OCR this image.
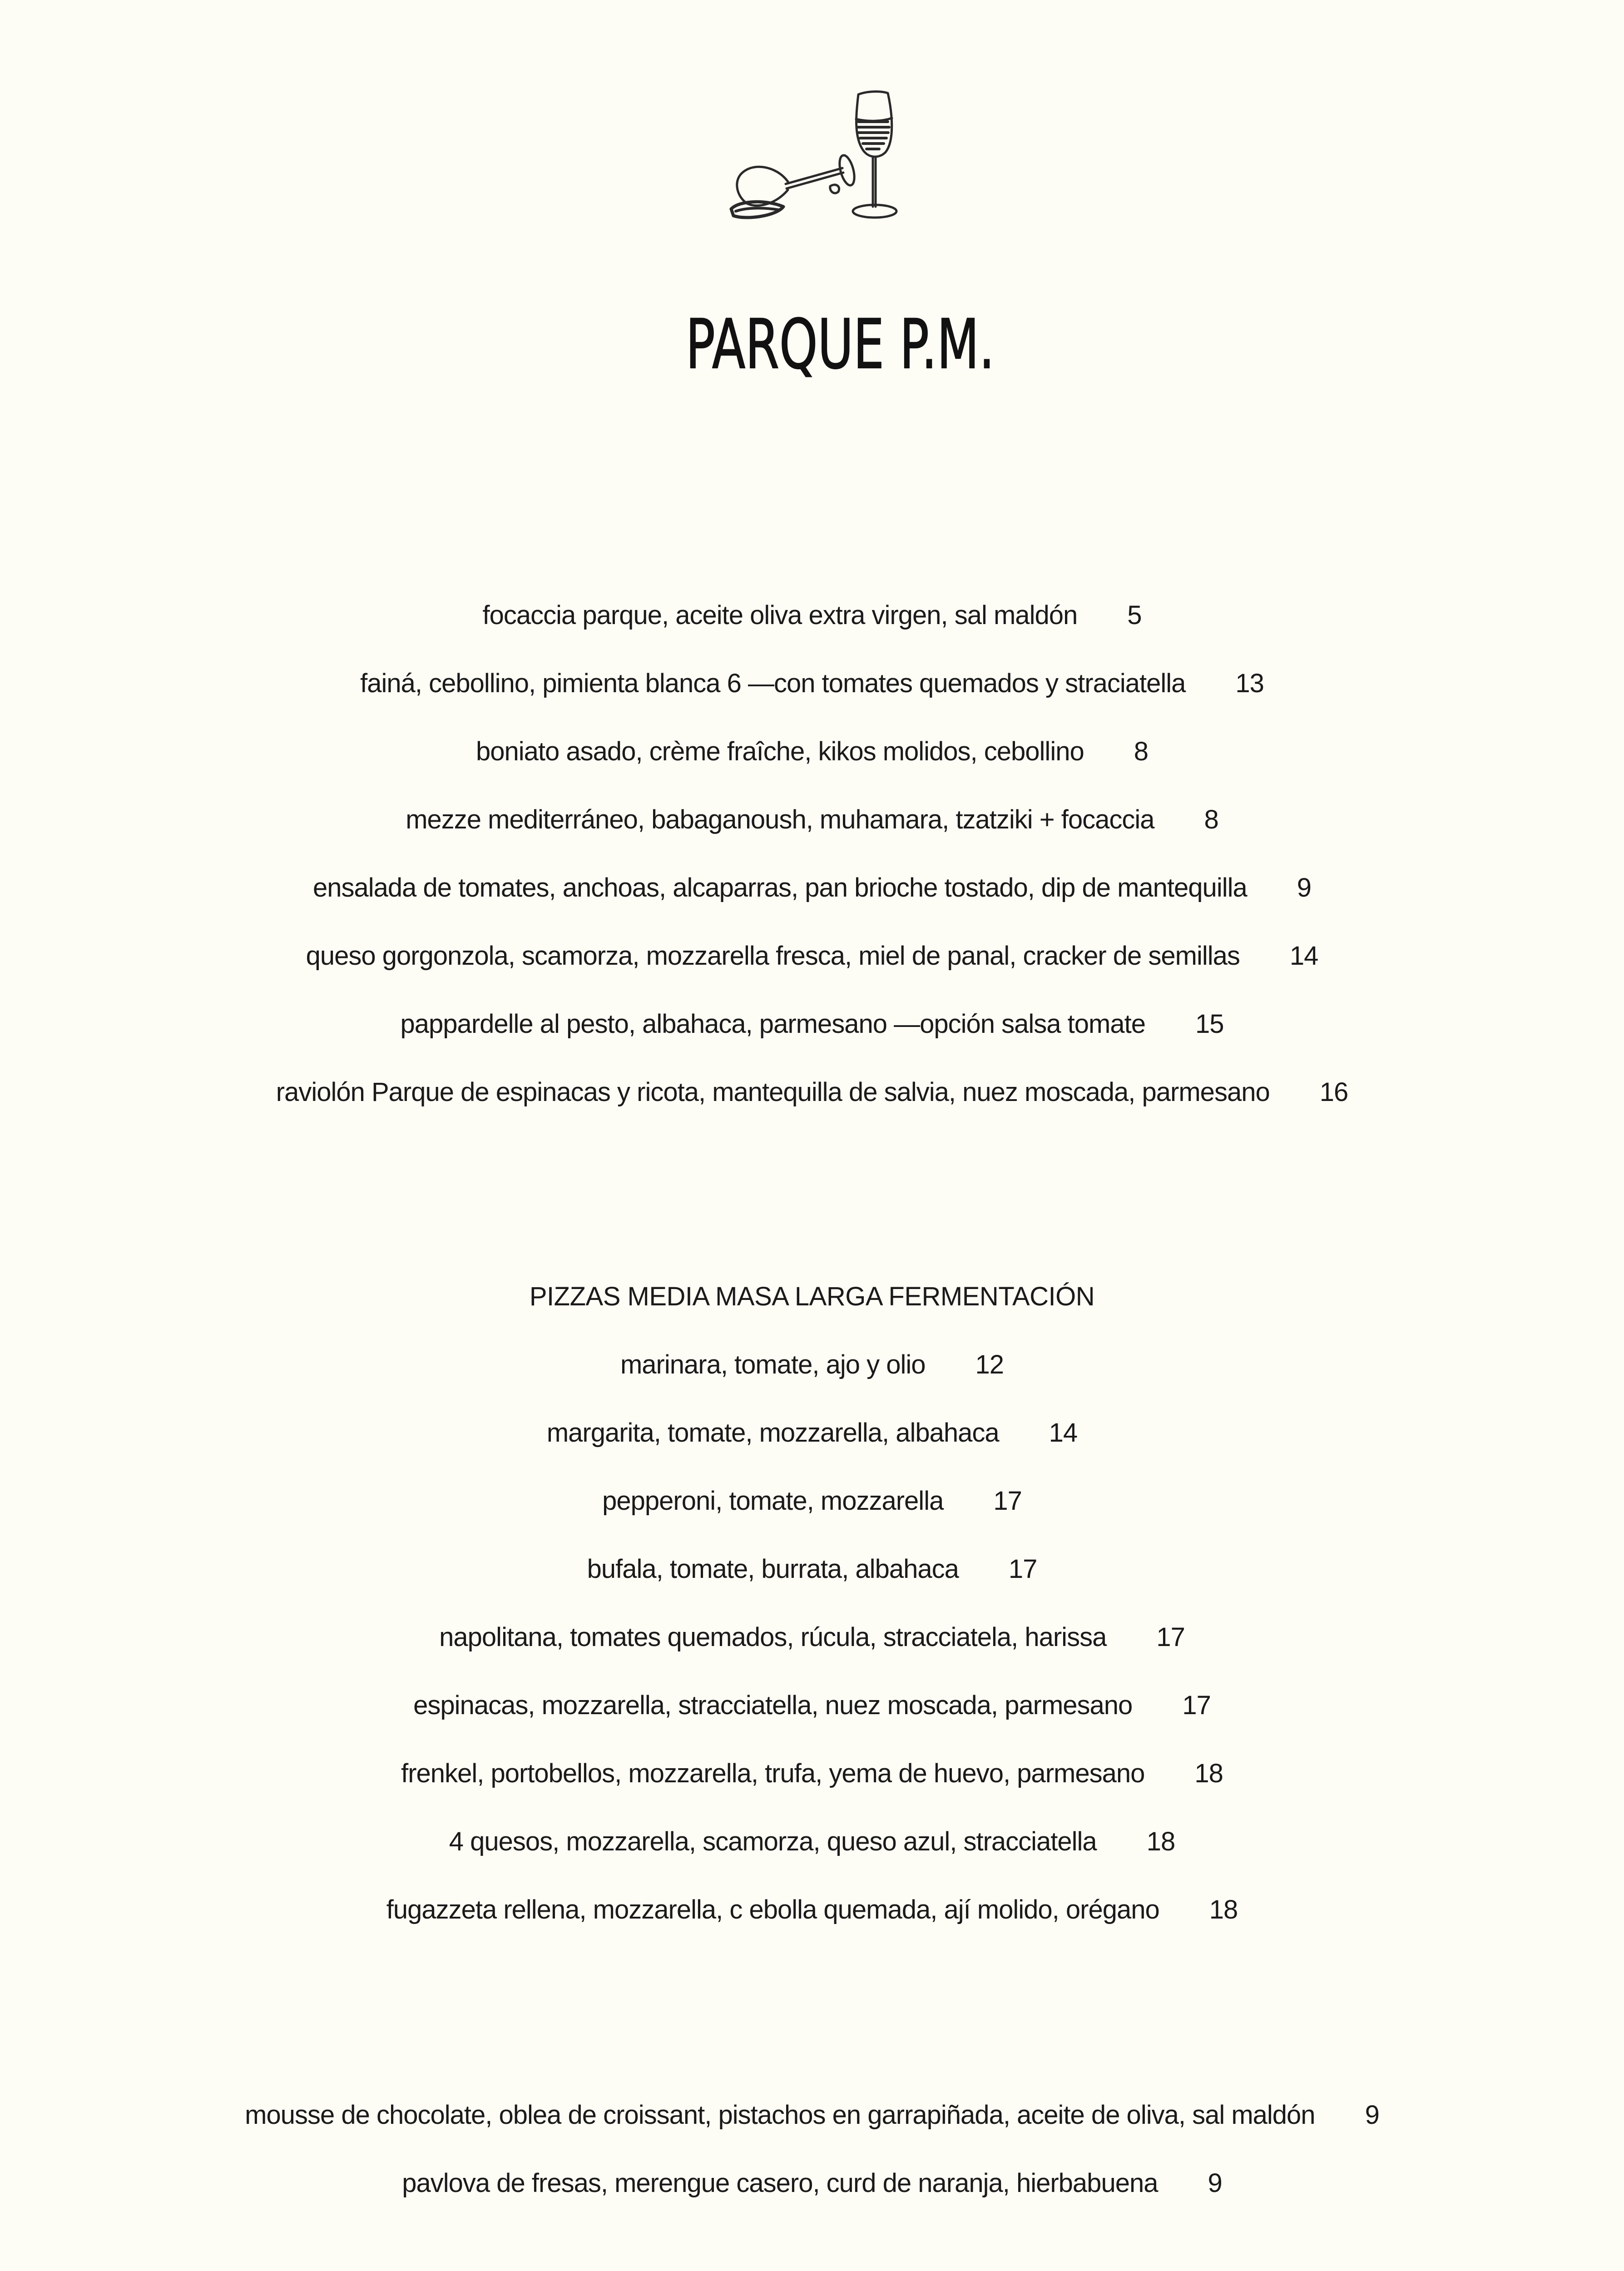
PARQUE P.M.
focaccia parque, aceite oliva extra virgen, sal maldón 5
fainá, cebollino, pimienta blanca 6 —con tomates quemados y straciatella 13
boniato asado, crème fraîche, kikos molidos, cebollino 8
mezze mediterráneo, babaganoush, muhamara, tzatziki + focaccia 8
ensalada de tomates, anchoas, alcaparras, pan brioche tostado, dip de mantequilla 9
queso gorgonzola, scamorza, mozzarella fresca, miel de panal, cracker de semillas 14
pappardelle al pesto, albahaca, parmesano —opción salsa tomate 15
raviolón Parque de espinacas y ricota, mantequilla de salvia, nuez moscada, parmesano 16
PIZZAS MEDIA MASA LARGA FERMENTACIÓN
marinara, tomate, ajo y olio 12
margarita, tomate, mozzarella, albahaca 14
pepperoni, tomate, mozzarella 17
bufala, tomate, burrata, albahaca 17
napolitana, tomates quemados, rúcula, stracciatela, harissa 17
espinacas, mozzarella, stracciatella, nuez moscada, parmesano 17
frenkel, portobellos, mozzarella, trufa, yema de huevo, parmesano 18
4 quesos, mozzarella, scamorza, queso azul, stracciatella 18
fugazzeta rellena, mozzarella, c ebolla quemada, ají molido, orégano 18
mousse de chocolate, oblea de croissant, pistachos en garrapiñada, aceite de oliva, sal maldón 9
pavlova de fresas, merengue casero, curd de naranja, hierbabuena 9
